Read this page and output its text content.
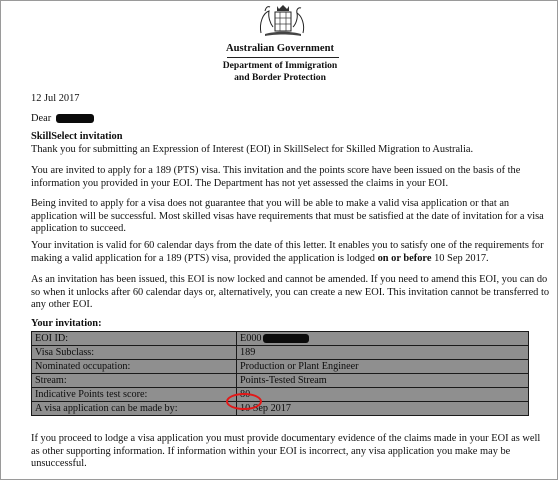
Australian Government
Department of Immigration
and Border Protection
12 Jul 2017
Dear
SkillSelect invitation
Thank you for submitting an Expression of Interest (EOI) in SkillSelect for Skilled Migration to Australia.
You are invited to apply for a 189 (PTS) visa. This invitation and the points score have been issued on the basis of the information you provided in your EOI. The Department has not yet assessed the claims in your EOI.
Being invited to apply for a visa does not guarantee that you will be able to make a valid visa application or that an application will be successful. Most skilled visas have requirements that must be satisfied at the date of invitation for a visa application to succeed.
Your invitation is valid for 60 calendar days from the date of this letter. It enables you to satisfy one of the requirements for making a valid application for a 189 (PTS) visa, provided the application is lodged on or before 10 Sep 2017.
As an invitation has been issued, this EOI is now locked and cannot be amended. If you need to amend this EOI, you can do so when it unlocks after 60 calendar days or, alternatively, you can create a new EOI. This invitation cannot be transferred to any other EOI.
Your invitation:
EOI ID:	E000
Visa Subclass:	189
Nominated occupation:	Production or Plant Engineer
Stream:	Points-Tested Stream
Indicative Points test score:	80
A visa application can be made by:	10 Sep 2017
If you proceed to lodge a visa application you must provide documentary evidence of the claims made in your EOI as well as other supporting information. If information within your EOI is incorrect, any visa application you make may be unsuccessful.
